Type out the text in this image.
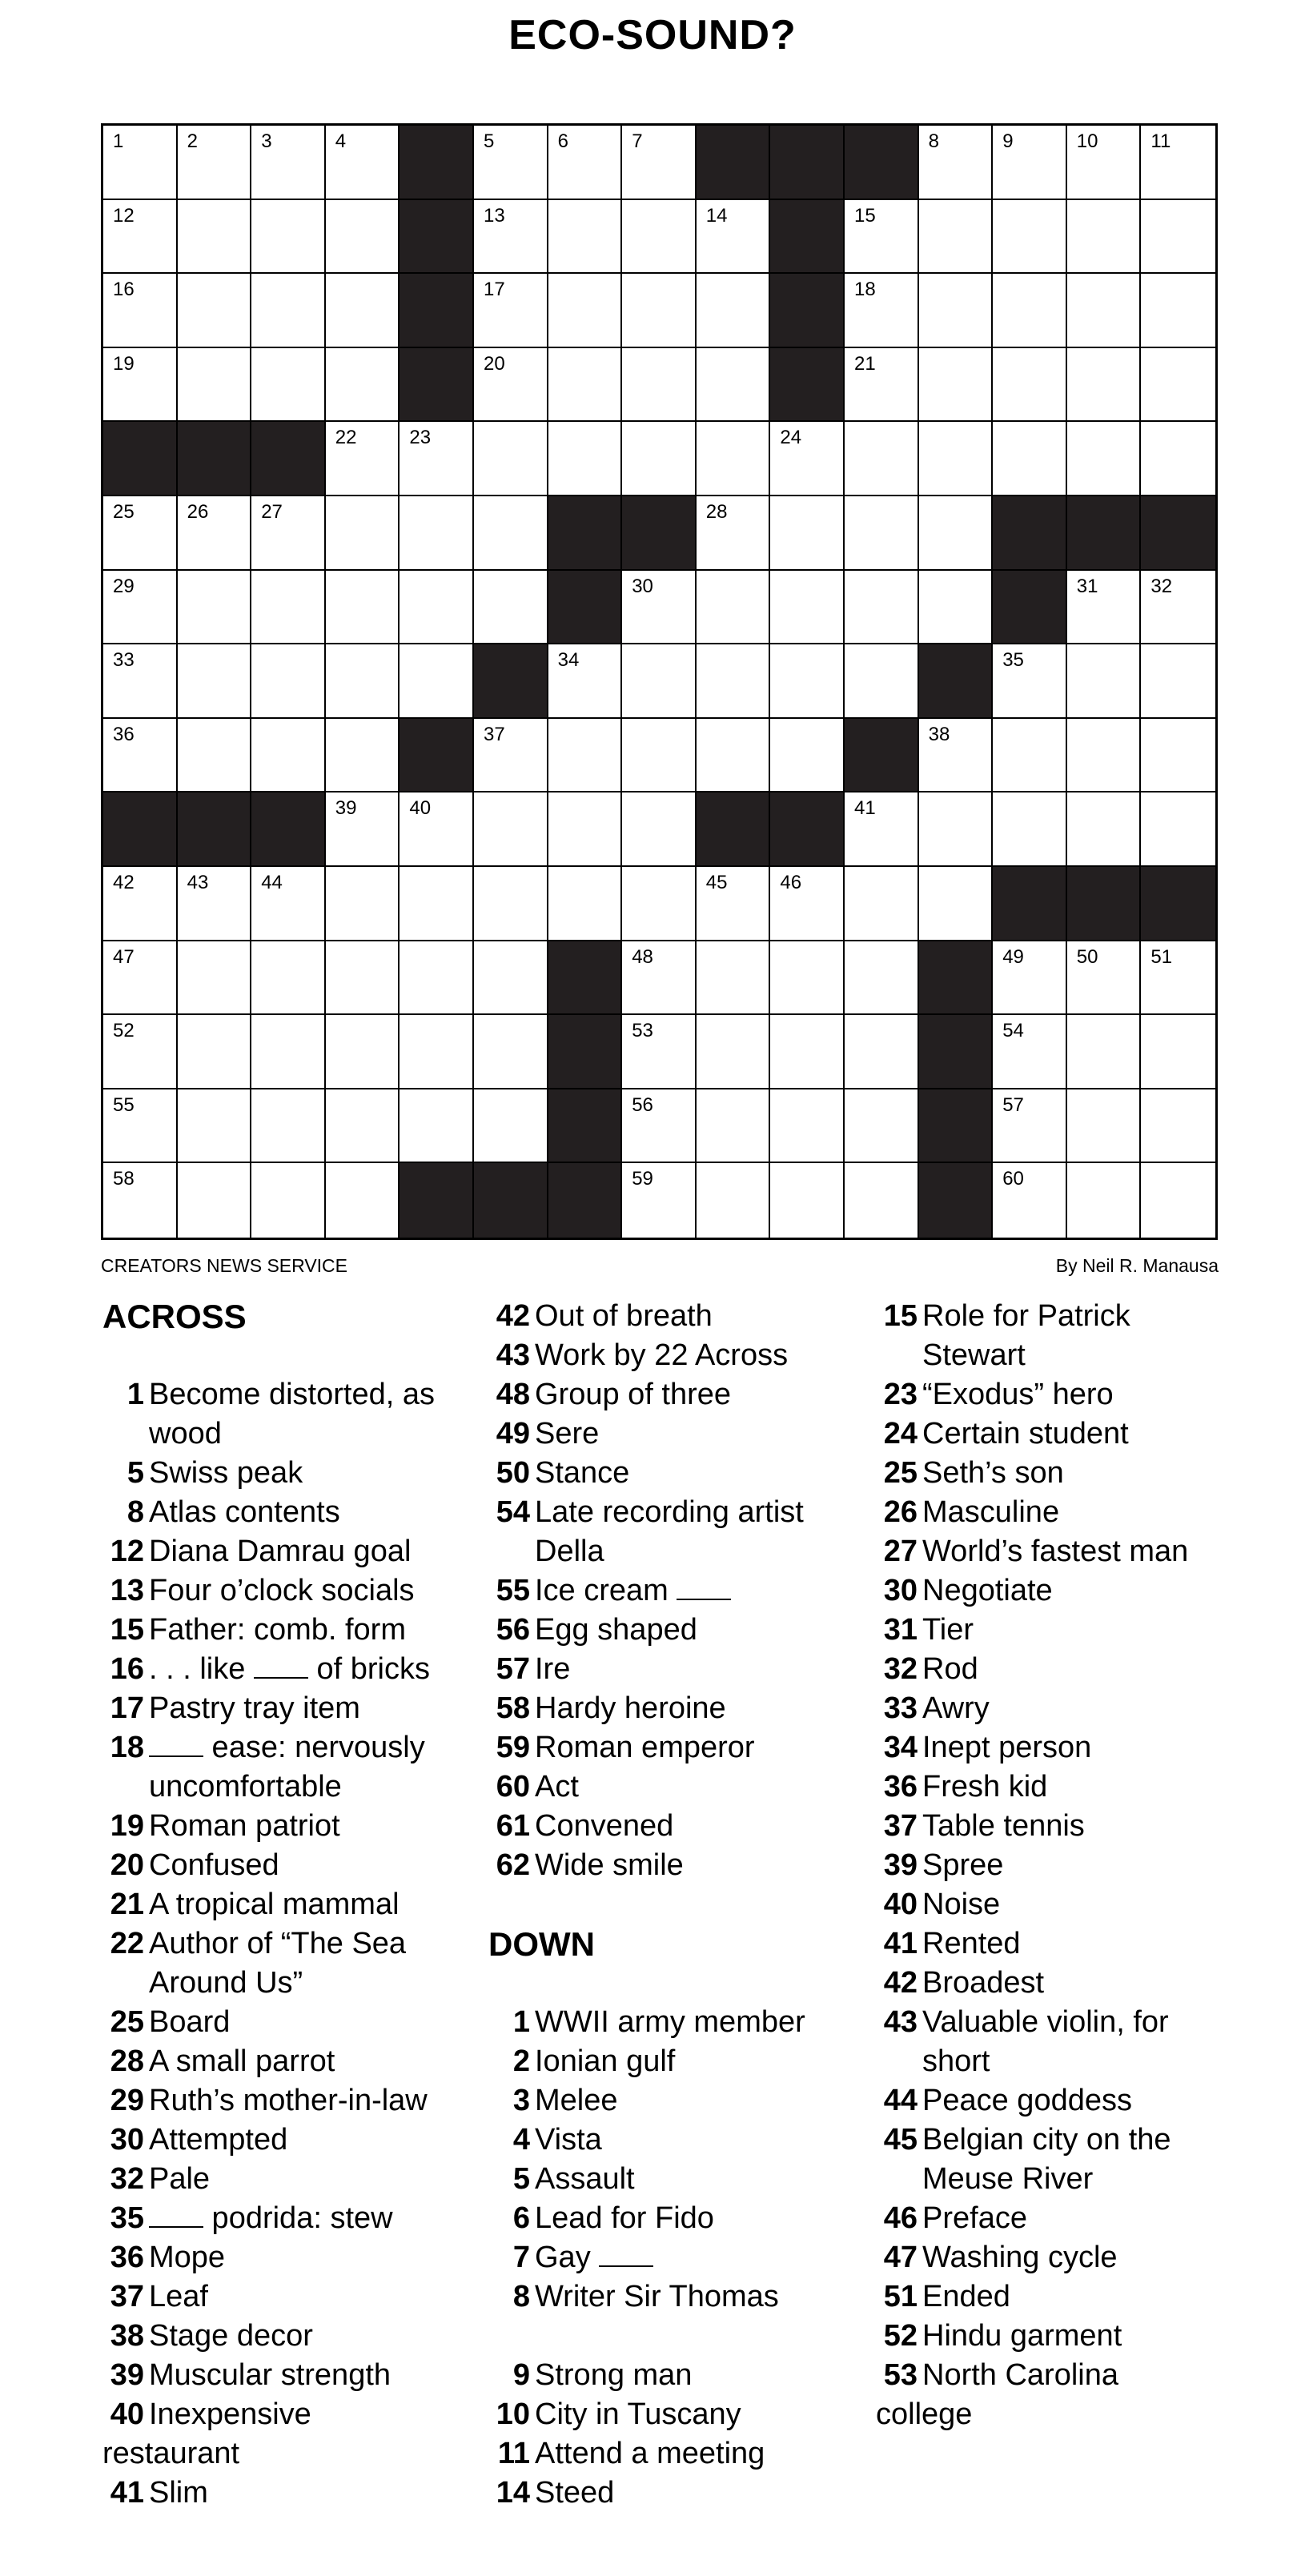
ECO-SOUND?
1	2	3	4	5	6	7	8	9	10	11
12	13	14	15
16	17	18
19	20	21
22	23	24
25	26	27	28
29	30	31	32
33	34	35
36	37	38
39	40	41
42	43	44	45	46
47	48	49	50	51
52	53	54
55	56	57
58	59	60
CREATORS NEWS SERVICE	By Neil R. Manausa
ACROSS
1 Become distorted, as
wood
5 Swiss peak
8 Atlas contents
12 Diana Damrau goal
13 Four o’clock socials
15 Father: comb. form
16 . . . like  of bricks
17 Pastry tray item
18 ease: nervously
uncomfortable
19 Roman patriot
20 Confused
21 A tropical mammal
22 Author of “The Sea
Around Us”
25 Board
28 A small parrot
29 Ruth’s mother-in-law
30 Attempted
32 Pale
35 podrida: stew
36 Mope
37 Leaf
38 Stage decor
39 Muscular strength
40 Inexpensive
restaurant
41 Slim
42 Out of breath
43 Work by 22 Across
48 Group of three
49 Sere
50 Stance
54 Late recording artist
Della
55 Ice cream
56 Egg shaped
57 Ire
58 Hardy heroine
59 Roman emperor
60 Act
61 Convened
62 Wide smile
DOWN
1 WWII army member
2 Ionian gulf
3 Melee
4 Vista
5 Assault
6 Lead for Fido
7 Gay
8 Writer Sir Thomas

9 Strong man
10 City in Tuscany
11 Attend a meeting
14 Steed
15 Role for Patrick
Stewart
23 “Exodus” hero
24 Certain student
25 Seth’s son
26 Masculine
27 World’s fastest man
30 Negotiate
31 Tier
32 Rod
33 Awry
34 Inept person
36 Fresh kid
37 Table tennis
39 Spree
40 Noise
41 Rented
42 Broadest
43 Valuable violin, for
short
44 Peace goddess
45 Belgian city on the
Meuse River
46 Preface
47 Washing cycle
51 Ended
52 Hindu garment
53 North Carolina
college
